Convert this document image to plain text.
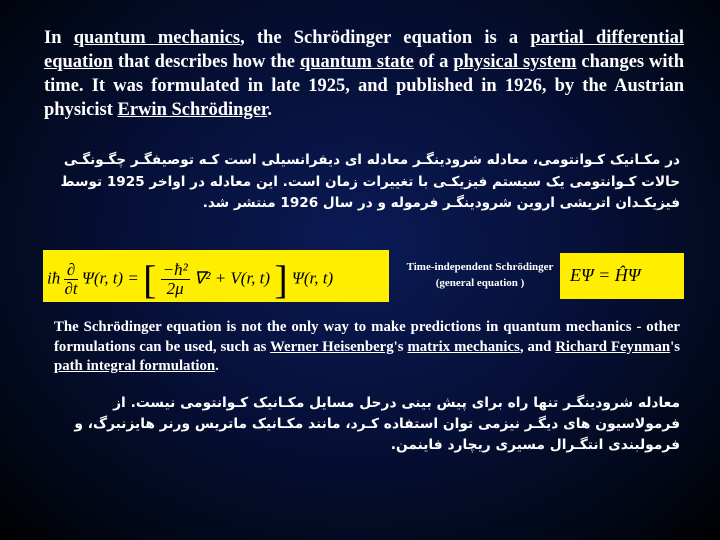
In quantum mechanics, the Schrödinger equation is a partial differential equation that describes how the quantum state of a physical system changes with time. It was formulated in late 1925, and published in 1926, by the Austrian physicist Erwin Schrödinger.
در مکـانیک کـوانتومی، معادله شرودینگـر معادله ای دیفرانسیلی است کـه توصیفگـر چگـونگـی حالات کـوانتومی یک سیستم فیزیکـی با تغییرات زمان است. این معادله در اواخر 1925 توسط فیزیکـدان اتریشی اروین شرودینگـر فرموله و در سال 1926 منتشر شد.
iħ $\frac{\partial}{\partial t} \Psi(r$, t) = [ $\frac{\text{−ħ²}}{2\mu} \nabla^2 + V(r$, t) ] Ψ(r, t)
Time-independent Schrödinger
(general equation )	EΨ = ĤΨ
The Schrödinger equation is not the only way to make predictions in quantum mechanics - other formulations can be used, such as Werner Heisenberg's matrix mechanics, and Richard Feynman's path integral formulation.
معادله شرودینگـر تنها راه برای پیش بینی درحل مسایل مکـانیک کـوانتومی نیست. از فرمولاسیون های دیگـر نیزمی توان استفاده کـرد، مانند مکـانیک ماتریس ورنر هایزنبرگ، و فرمولبندی انتگـرال مسیری ریچارد فاینمن.
